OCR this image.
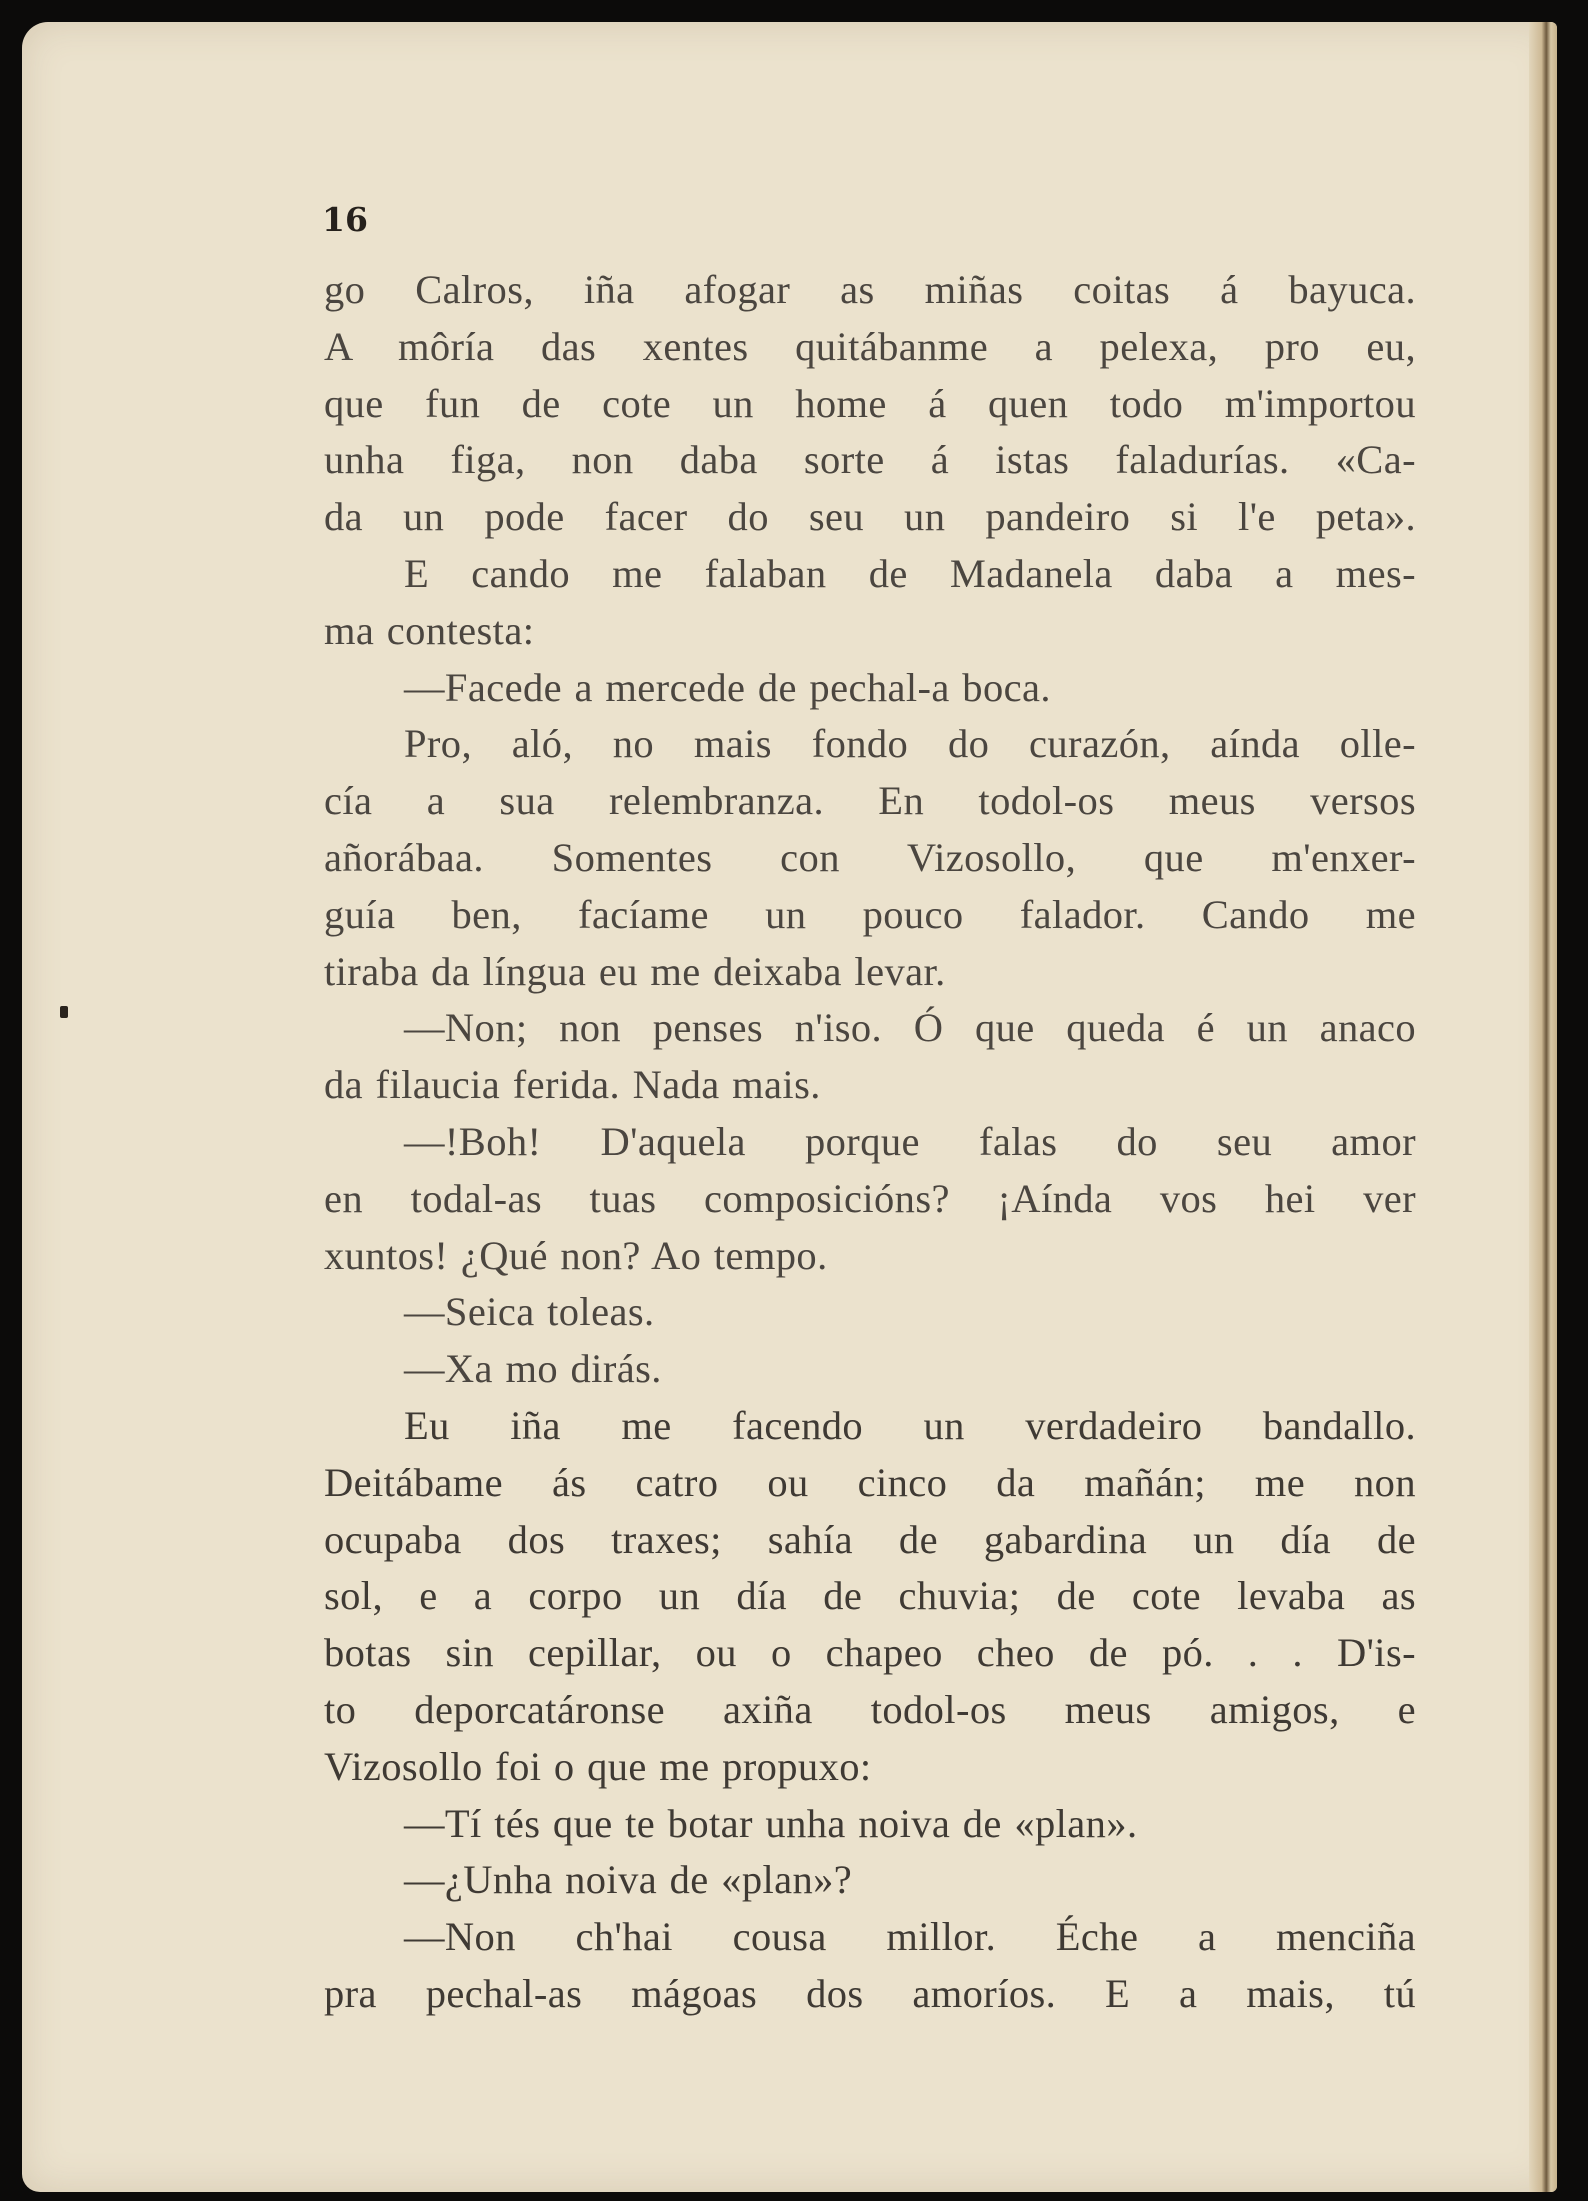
16
go Calros, iña afogar as miñas coitas á bayuca.
A môría das xentes quitábanme a pelexa, pro eu,
que fun de cote un home á quen todo m'importou
unha figa, non daba sorte á istas faladurías. «Ca-
da un pode facer do seu un pandeiro si l'e peta».
E cando me falaban de Madanela daba a mes-
ma contesta:
—Facede a mercede de pechal-a boca.
Pro, aló, no mais fondo do curazón, aínda olle-
cía a sua relembranza. En todol-os meus versos
añorábaa. Somentes con Vizosollo, que m'enxer-
guía ben, facíame un pouco falador. Cando me
tiraba da língua eu me deixaba levar.
—Non; non penses n'iso. Ó que queda é un anaco
da filaucia ferida. Nada mais.
—!Boh! D'aquela porque falas do seu amor
en todal-as tuas composicións? ¡Aínda vos hei ver
xuntos! ¿Qué non? Ao tempo.
—Seica toleas.
—Xa mo dirás.
Eu iña me facendo un verdadeiro bandallo.
Deitábame ás catro ou cinco da mañán; me non
ocupaba dos traxes; sahía de gabardina un día de
sol, e a corpo un día de chuvia; de cote levaba as
botas sin cepillar, ou o chapeo cheo de pó. . . D'is-
to deporcatáronse axiña todol-os meus amigos, e
Vizosollo foi o que me propuxo:
—Tí tés que te botar unha noiva de «plan».
—¿Unha noiva de «plan»?
—Non ch'hai cousa millor. Éche a menciña
pra pechal-as mágoas dos amoríos. E a mais, tú
